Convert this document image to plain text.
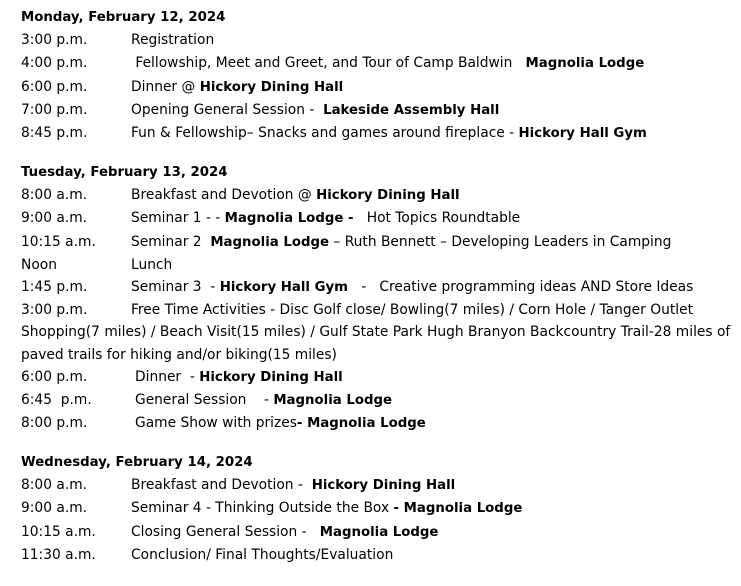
Monday, February 12, 2024
3:00 p.m.	Registration
4:00 p.m.	Fellowship, Meet and Greet, and Tour of Camp Baldwin   Magnolia Lodge
6:00 p.m.	Dinner @ Hickory Dining Hall
7:00 p.m.	Opening General Session -  Lakeside Assembly Hall
8:45 p.m.	Fun & Fellowship– Snacks and games around fireplace - Hickory Hall Gym
Tuesday, February 13, 2024
8:00 a.m.	Breakfast and Devotion @ Hickory Dining Hall
9:00 a.m.	Seminar 1 - - Magnolia Lodge -   Hot Topics Roundtable
10:15 a.m.	Seminar 2  Magnolia Lodge – Ruth Bennett – Developing Leaders in Camping
Noon	Lunch
1:45 p.m.	Seminar 3  - Hickory Hall Gym   -   Creative programming ideas AND Store Ideas
3:00 p.m.	Free Time Activities - Disc Golf close/ Bowling(7 miles) / Corn Hole / Tanger Outlet Shopping(7 miles) / Beach Visit(15 miles) / Gulf State Park Hugh Branyon Backcountry Trail-28 miles of paved trails for hiking and/or biking(15 miles)
6:00 p.m.	Dinner  - Hickory Dining Hall
6:45  p.m.	General Session    - Magnolia Lodge
8:00 p.m.	Game Show with prizes- Magnolia Lodge
Wednesday, February 14, 2024
8:00 a.m.	Breakfast and Devotion -  Hickory Dining Hall
9:00 a.m.	Seminar 4 - Thinking Outside the Box - Magnolia Lodge
10:15 a.m.	Closing General Session -   Magnolia Lodge
11:30 a.m.	Conclusion/ Final Thoughts/Evaluation
